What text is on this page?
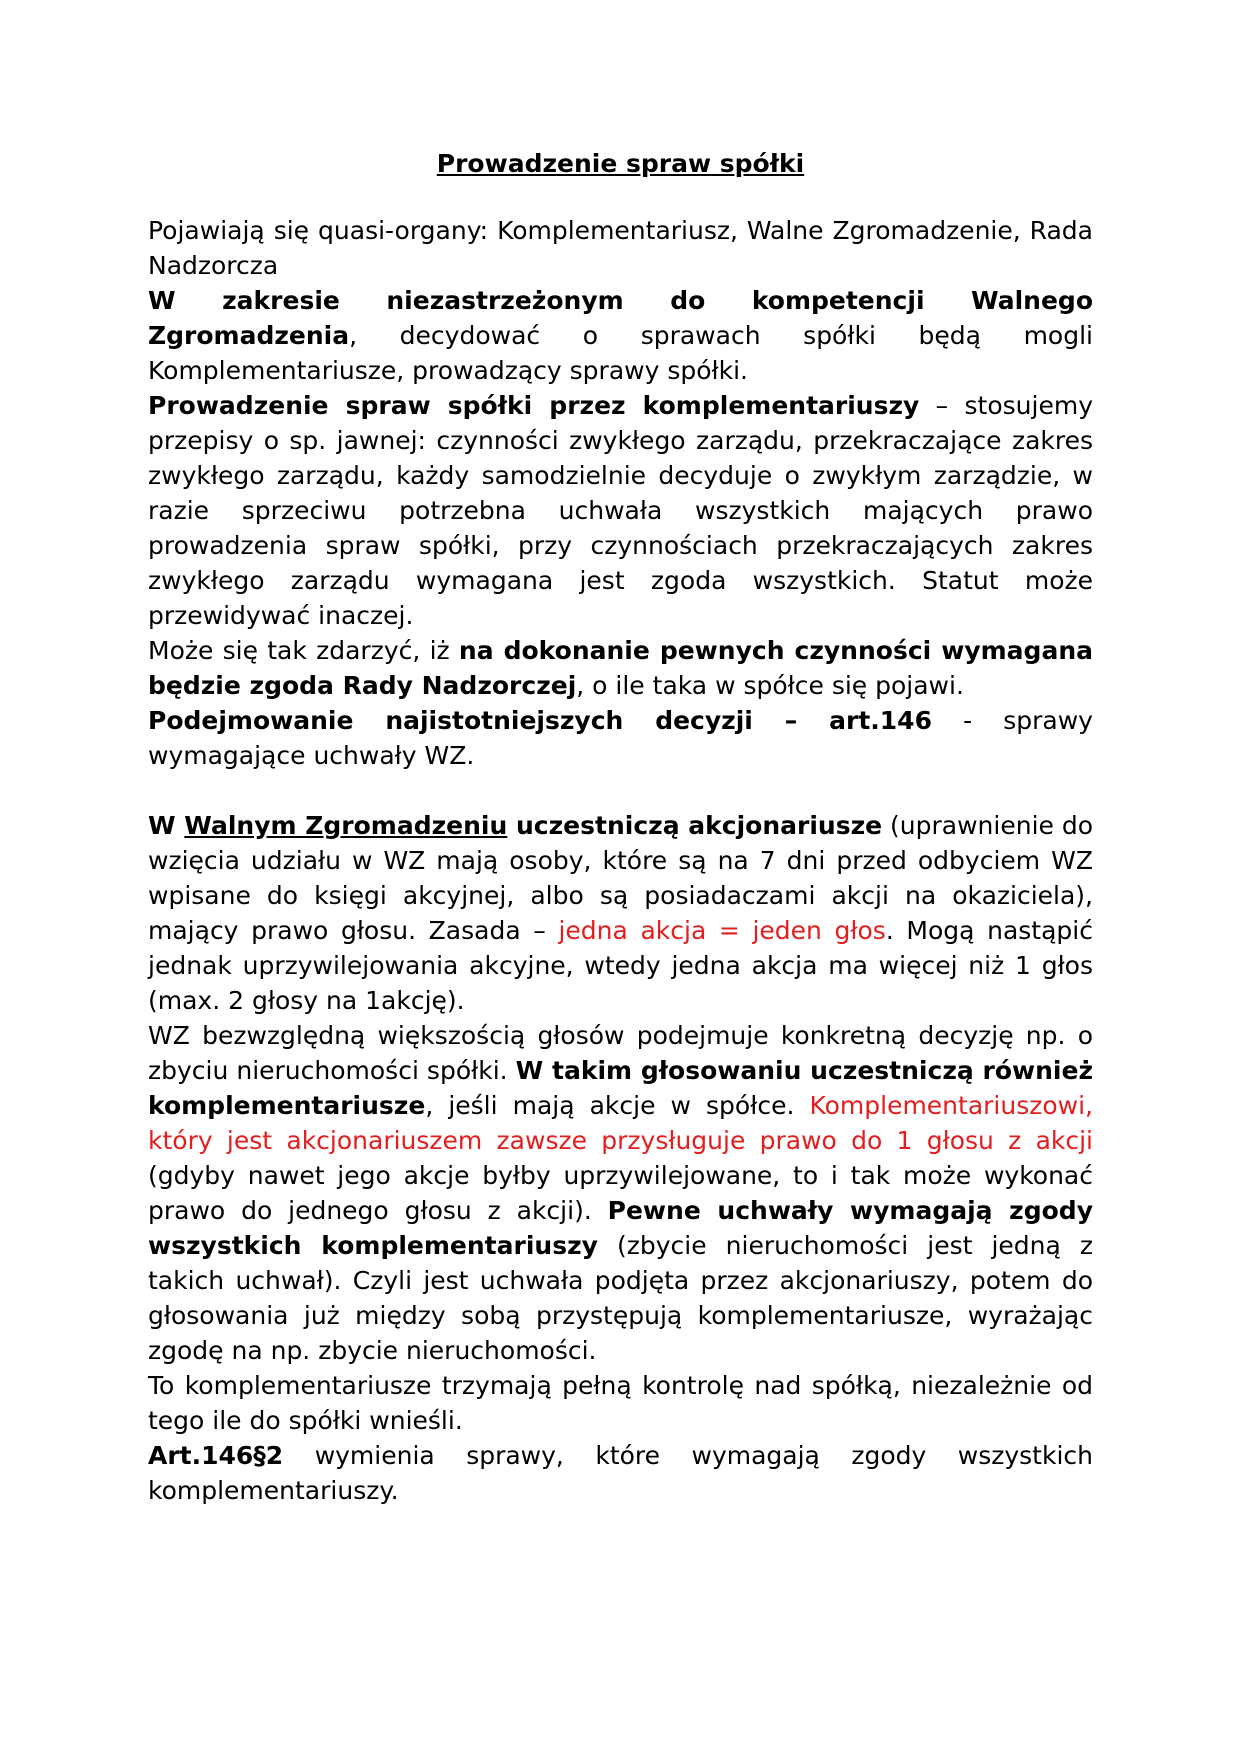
Prowadzenie spraw spółki

Pojawiają się quasi-organy: Komplementariusz, Walne Zgromadzenie, Rada Nadzorcza

W zakresie niezastrzeżonym do kompetencji Walnego Zgromadzenia, decydować o sprawach spółki będą mogli Komplementariusze, prowadzący sprawy spółki.

Prowadzenie spraw spółki przez komplementariuszy – stosujemy przepisy o sp. jawnej: czynności zwykłego zarządu, przekraczające zakres zwykłego zarządu, każdy samodzielnie decyduje o zwykłym zarządzie, w razie sprzeciwu potrzebna uchwała wszystkich mających prawo prowadzenia spraw spółki, przy czynnościach przekraczających zakres zwykłego zarządu wymagana jest zgoda wszystkich. Statut może przewidywać inaczej.

Może się tak zdarzyć, iż na dokonanie pewnych czynności wymagana będzie zgoda Rady Nadzorczej, o ile taka w spółce się pojawi.

Podejmowanie najistotniejszych decyzji – art.146 - sprawy wymagające uchwały WZ.

W Walnym Zgromadzeniu uczestniczą akcjonariusze (uprawnienie do wzięcia udziału w WZ mają osoby, które są na 7 dni przed odbyciem WZ wpisane do księgi akcyjnej, albo są posiadaczami akcji na okaziciela), mający prawo głosu. Zasada – jedna akcja = jeden głos. Mogą nastąpić jednak uprzywilejowania akcyjne, wtedy jedna akcja ma więcej niż 1 głos (max. 2 głosy na 1akcję).

WZ bezwzględną większością głosów podejmuje konkretną decyzję np. o zbyciu nieruchomości spółki. W takim głosowaniu uczestniczą również komplementariusze, jeśli mają akcje w spółce. Komplementariuszowi, który jest akcjonariuszem zawsze przysługuje prawo do 1 głosu z akcji (gdyby nawet jego akcje byłby uprzywilejowane, to i tak może wykonać prawo do jednego głosu z akcji). Pewne uchwały wymagają zgody wszystkich komplementariuszy (zbycie nieruchomości jest jedną z takich uchwał). Czyli jest uchwała podjęta przez akcjonariuszy, potem do głosowania już między sobą przystępują komplementariusze, wyrażając zgodę na np. zbycie nieruchomości.

To komplementariusze trzymają pełną kontrolę nad spółką, niezależnie od tego ile do spółki wnieśli.

Art.146§2 wymienia sprawy, które wymagają zgody wszystkich komplementariuszy.
